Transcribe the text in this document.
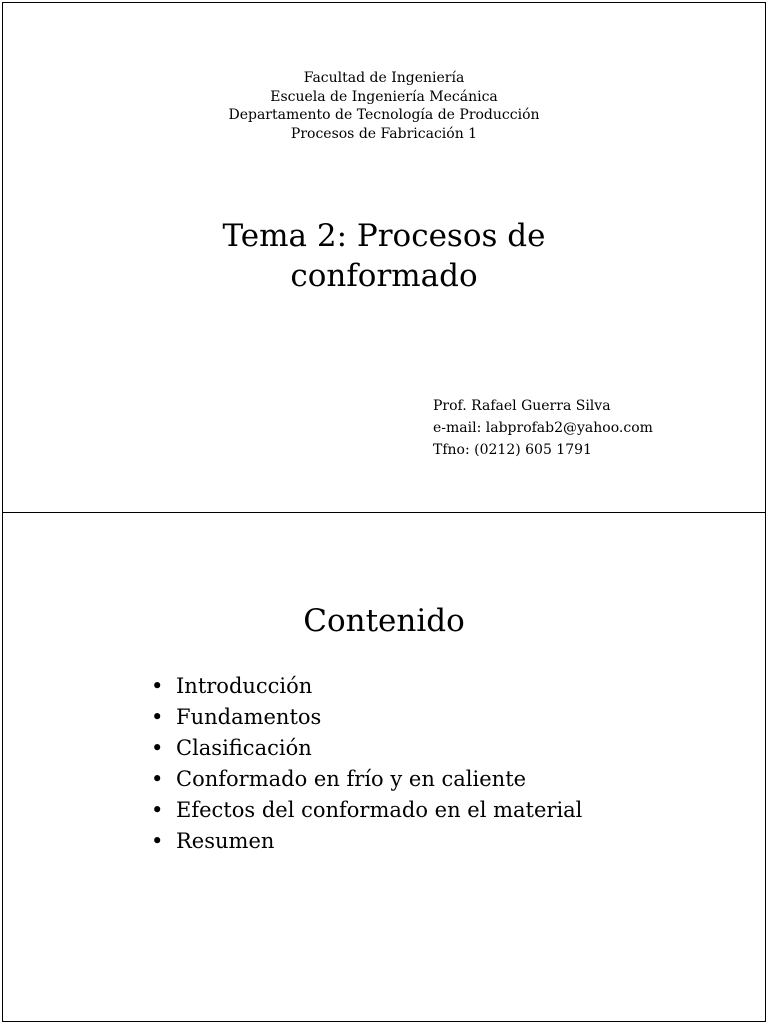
Facultad de Ingeniería
Escuela de Ingeniería Mecánica
Departamento de Tecnología de Producción
Procesos de Fabricación 1
Tema 2: Procesos de
conformado
Prof. Rafael Guerra Silva
e-mail: labprofab2@yahoo.com
Tfno: (0212) 605 1791
Contenido
• Introducción
• Fundamentos
• Clasificación
• Conformado en frío y en caliente
• Efectos del conformado en el material
• Resumen
